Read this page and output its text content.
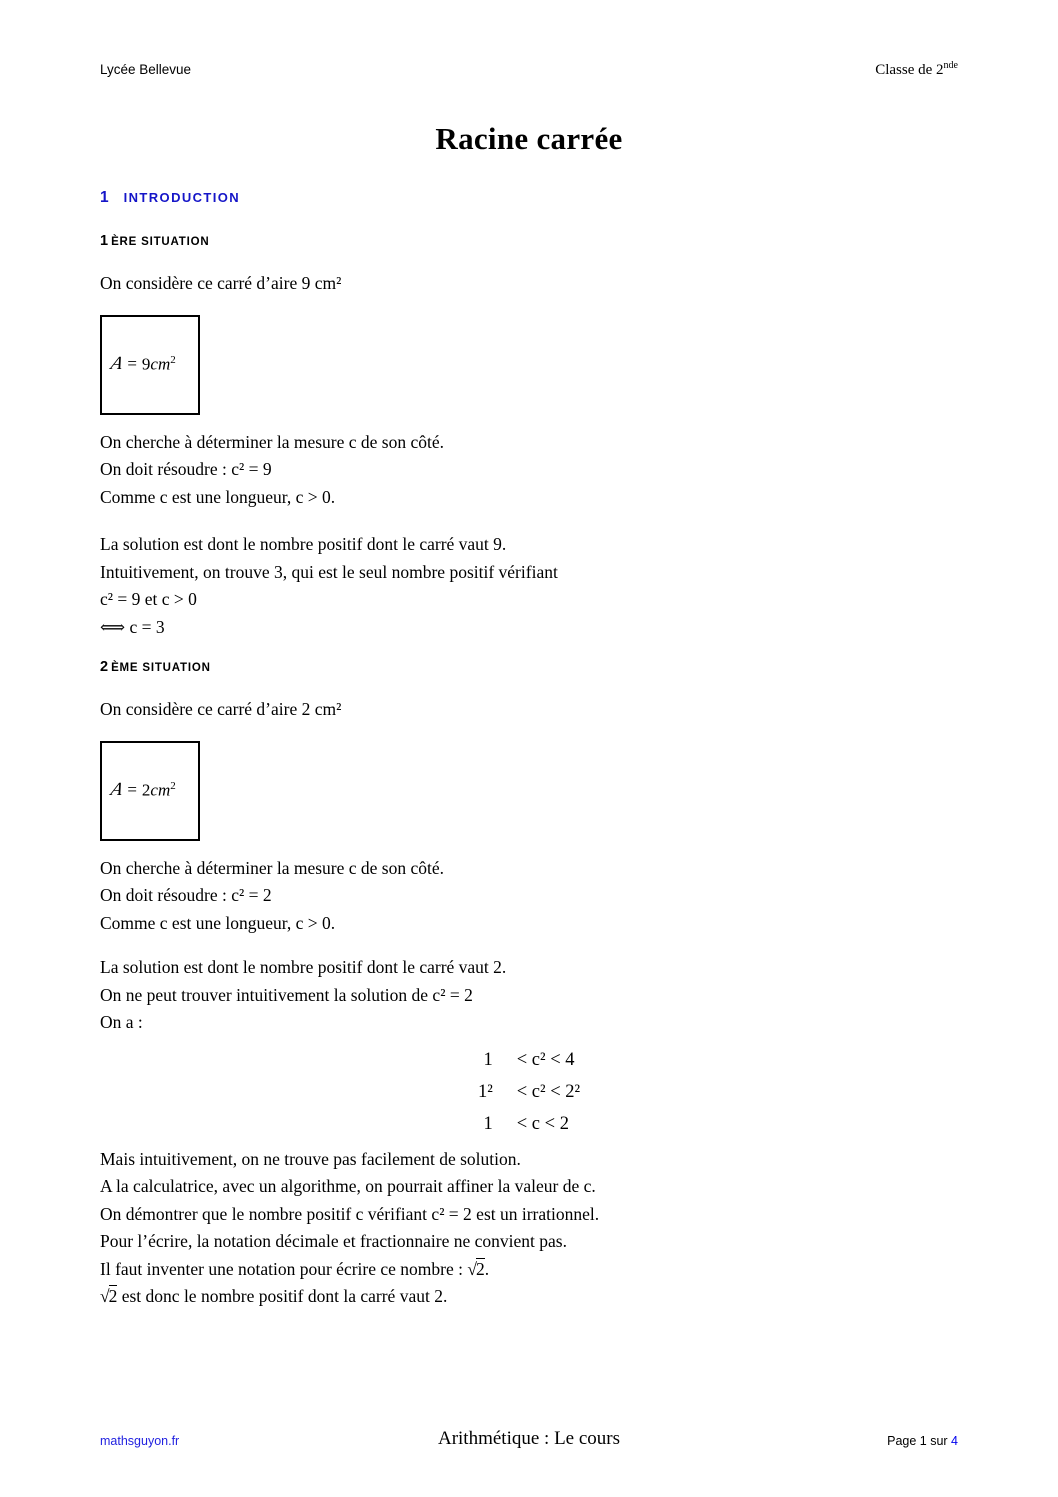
Lycée Bellevue	Classe de 2nde
Racine carrée
1 INTRODUCTION
1 ÈRE SITUATION
On considère ce carré d’aire 9 cm²
$A = 9cm^2$
On cherche à déterminer la mesure c de son côté.
On doit résoudre : c² = 9
Comme c est une longueur, c > 0.
La solution est dont le nombre positif dont le carré vaut 9.
Intuitivement, on trouve 3, qui est le seul nombre positif vérifiant
c² = 9 et c > 0
⟺ c = 3
2 ÈME SITUATION
On considère ce carré d’aire 2 cm²
$A = 2cm^2$
On cherche à déterminer la mesure c de son côté.
On doit résoudre : c² = 2
Comme c est une longueur, c > 0.
La solution est dont le nombre positif dont le carré vaut 2.
On ne peut trouver intuitivement la solution de c² = 2
On a :
1 < c² < 4
1² < c² < 2²
1 < c < 2
Mais intuitivement, on ne trouve pas facilement de solution.
A la calculatrice, avec un algorithme, on pourrait affiner la valeur de c.
On démontrer que le nombre positif c vérifiant c² = 2 est un irrationnel.
Pour l’écrire, la notation décimale et fractionnaire ne convient pas.
Il faut inventer une notation pour écrire ce nombre : √2.
√2 est donc le nombre positif dont la carré vaut 2.
Arithmétique : Le cours
mathsguyon.fr	Page 1 sur 4
